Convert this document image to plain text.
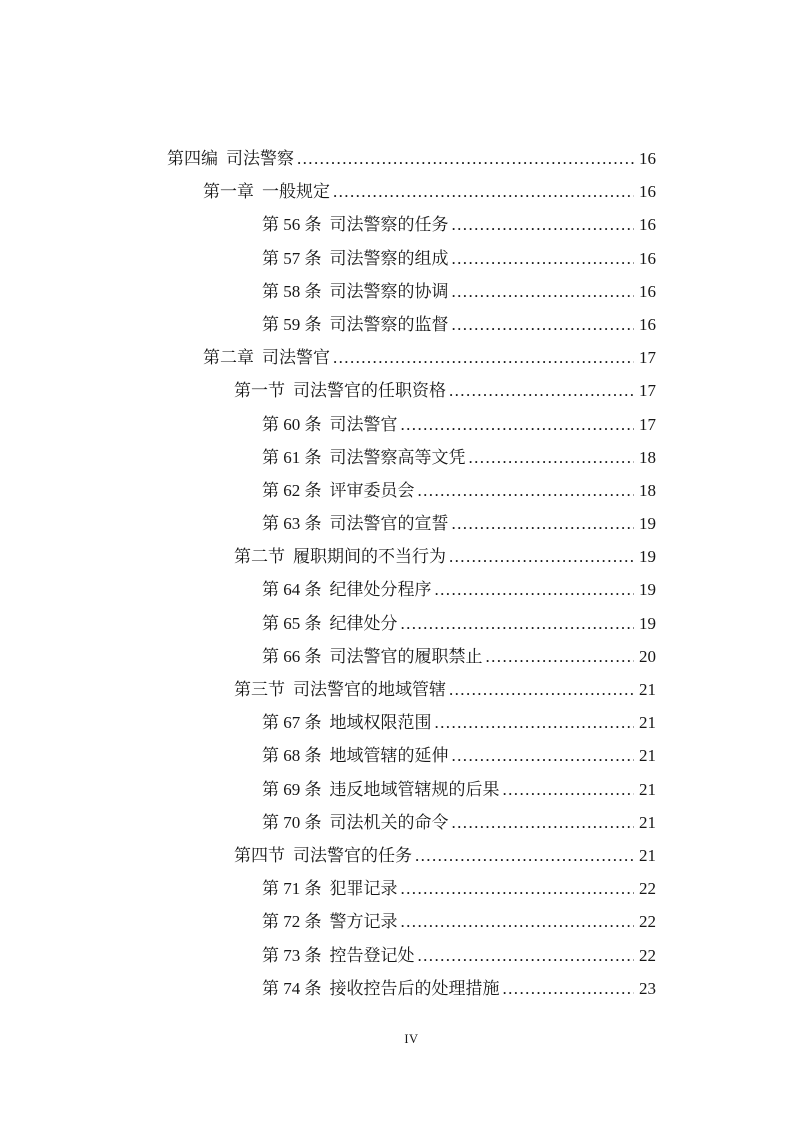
第四编 司法警察 .....	16
第一章 一般规定 .....	16
第 56 条 司法警察的任务 .....	16
第 57 条 司法警察的组成 .....	16
第 58 条 司法警察的协调 .....	16
第 59 条 司法警察的监督 .....	16
第二章 司法警官 .....	17
第一节 司法警官的任职资格 .....	17
第 60 条 司法警官 .....	17
第 61 条 司法警察高等文凭 .....	18
第 62 条 评审委员会 .....	18
第 63 条 司法警官的宣誓 .....	19
第二节 履职期间的不当行为 .....	19
第 64 条 纪律处分程序 .....	19
第 65 条 纪律处分 .....	19
第 66 条 司法警官的履职禁止 .....	20
第三节 司法警官的地域管辖 .....	21
第 67 条 地域权限范围 .....	21
第 68 条 地域管辖的延伸 .....	21
第 69 条 违反地域管辖规的后果 .....	21
第 70 条 司法机关的命令 .....	21
第四节 司法警官的任务 .....	21
第 71 条 犯罪记录 .....	22
第 72 条 警方记录 .....	22
第 73 条 控告登记处 .....	22
第 74 条 接收控告后的处理措施 .....	23
IV
